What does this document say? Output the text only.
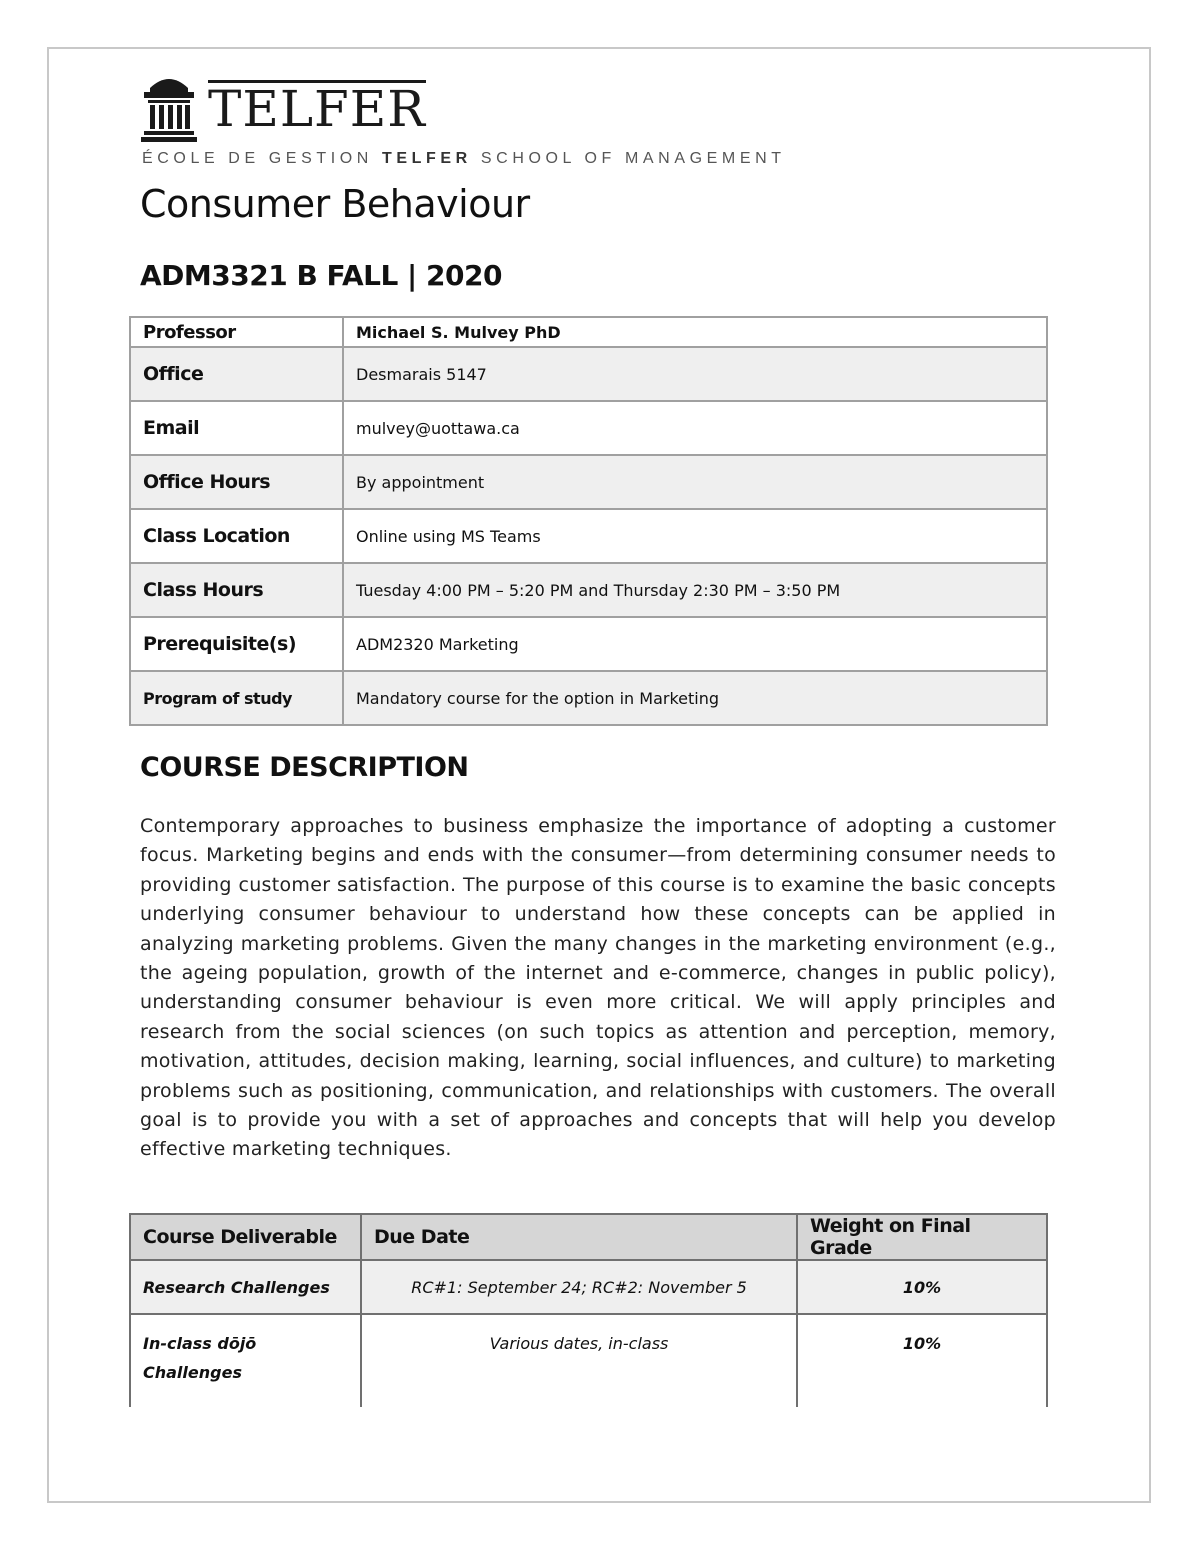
TELFER
ÉCOLE DE GESTION TELFER SCHOOL OF MANAGEMENT
Consumer Behaviour
ADM3321 B FALL | 2020
Professor	Michael S. Mulvey PhD
Office	Desmarais 5147
Email	mulvey@uottawa.ca
Office Hours	By appointment
Class Location	Online using MS Teams
Class Hours	Tuesday 4:00 PM – 5:20 PM and Thursday 2:30 PM – 3:50 PM
Prerequisite(s)	ADM2320 Marketing
Program of study	Mandatory course for the option in Marketing
COURSE DESCRIPTION

Contemporary approaches to business emphasize the importance of adopting a customer focus. Marketing begins and ends with the consumer—from determining consumer needs to providing customer satisfaction. The purpose of this course is to examine the basic concepts underlying consumer behaviour to understand how these concepts can be applied in analyzing marketing problems. Given the many changes in the marketing environment (e.g., the ageing population, growth of the internet and e-commerce, changes in public policy), understanding consumer behaviour is even more critical. We will apply principles and research from the social sciences (on such topics as attention and perception, memory, motivation, attitudes, decision making, learning, social influences, and culture) to marketing problems such as positioning, communication, and relationships with customers. The overall goal is to provide you with a set of approaches and concepts that will help you develop effective marketing techniques.

Course Deliverable	Due Date	Weight on Final Grade
Research Challenges	RC#1: September 24; RC#2: November 5	10%
In-class dōjō Challenges	Various dates, in-class	10%
